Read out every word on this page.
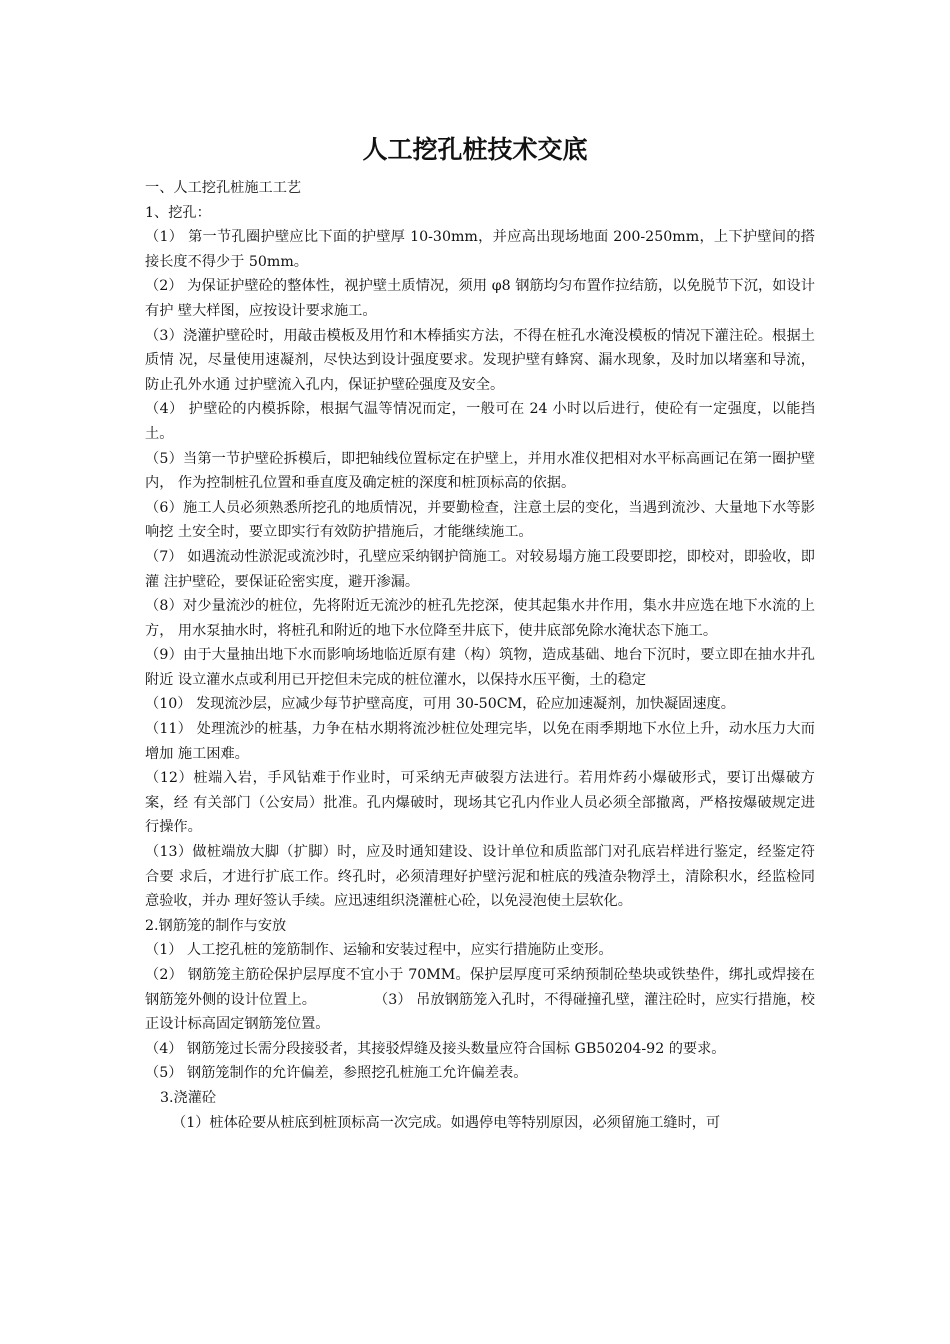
人工挖孔桩技术交底

一、人工挖孔桩施工工艺

1、挖孔：

（1） 第一节孔圈护壁应比下面的护壁厚 10-30mm，并应高出现场地面 200-250mm，上下护壁间的搭接长度不得少于 50mm。

（2） 为保证护壁砼的整体性，视护壁土质情况，须用 φ8 钢筋均匀布置作拉结筋，以免脱节下沉，如设计有护 壁大样图，应按设计要求施工。

（3）浇灌护壁砼时，用敲击模板及用竹和木棒插实方法，不得在桩孔水淹没模板的情况下灌注砼。根据土质情 况，尽量使用速凝剂，尽快达到设计强度要求。发现护壁有蜂窝、漏水现象，及时加以堵塞和导流，防止孔外水通 过护壁流入孔内，保证护壁砼强度及安全。

（4） 护壁砼的内模拆除，根据气温等情况而定，一般可在 24 小时以后进行，使砼有一定强度，以能挡土。

（5）当第一节护壁砼拆模后，即把轴线位置标定在护壁上，并用水准仪把相对水平标高画记在第一圈护壁内， 作为控制桩孔位置和垂直度及确定桩的深度和桩顶标高的依据。

（6）施工人员必须熟悉所挖孔的地质情况，并要勤检查，注意土层的变化，当遇到流沙、大量地下水等影响挖 土安全时，要立即实行有效防护措施后，才能继续施工。

（7） 如遇流动性淤泥或流沙时，孔壁应采纳钢护筒施工。对较易塌方施工段要即挖，即校对，即验收，即灌 注护壁砼，要保证砼密实度，避开渗漏。

（8）对少量流沙的桩位，先将附近无流沙的桩孔先挖深，使其起集水井作用，集水井应选在地下水流的上方， 用水泵抽水时，将桩孔和附近的地下水位降至井底下，使井底部免除水淹状态下施工。

（9）由于大量抽出地下水而影响场地临近原有建（构）筑物，造成基础、地台下沉时，要立即在抽水井孔附近 设立灌水点或利用已开挖但未完成的桩位灌水，以保持水压平衡，土的稳定

（10） 发现流沙层，应减少每节护壁高度，可用 30-50CM，砼应加速凝剂，加快凝固速度。

（11） 处理流沙的桩基，力争在枯水期将流沙桩位处理完毕，以免在雨季期地下水位上升，动水压力大而增加 施工困难。

（12）桩端入岩，手风钻难于作业时，可采纳无声破裂方法进行。若用炸药小爆破形式，要订出爆破方案，经 有关部门（公安局）批准。孔内爆破时，现场其它孔内作业人员必须全部撤离，严格按爆破规定进行操作。

（13）做桩端放大脚（扩脚）时，应及时通知建设、设计单位和质监部门对孔底岩样进行鉴定，经鉴定符合要 求后，才进行扩底工作。终孔时，必须清理好护壁污泥和桩底的残渣杂物浮土，清除积水，经监检同意验收，并办 理好签认手续。应迅速组织浇灌桩心砼，以免浸泡使土层软化。

2.钢筋笼的制作与安放

（1） 人工挖孔桩的笼筋制作、运输和安装过程中，应实行措施防止变形。

（2） 钢筋笼主筋砼保护层厚度不宜小于 70MM。保护层厚度可采纳预制砼垫块或铁垫件，绑扎或焊接在钢筋笼外侧的设计位置上。	（3） 吊放钢筋笼入孔时，不得碰撞孔壁，灌注砼时，应实行措施，校正设计标高固定钢筋笼位置。

（4） 钢筋笼过长需分段接驳者，其接驳焊缝及接头数量应符合国标 GB50204-92 的要求。

（5） 钢筋笼制作的允许偏差，参照挖孔桩施工允许偏差表。

3.浇灌砼

（1）桩体砼要从桩底到桩顶标高一次完成。如遇停电等特别原因，必须留施工缝时，可
